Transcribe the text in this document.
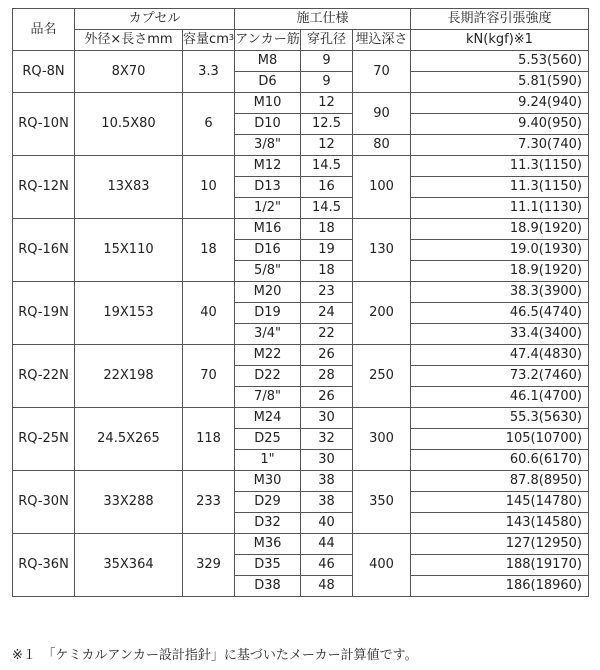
品名	カプセル		施工仕様			長期許容引張強度
	外径×長さmm	容量$cm^3$	アンカー筋	穿孔径	埋込深さ	kN(kgf)※1
RQ-8N	8X70	3.3	M8	9	70	5.53(560)
			D6	9		5.81(590)
RQ-10N	10.5X80	6	M10	12	90	9.24(940)
			D10	12.5		9.40(950)
			3/8"	12	80	7.30(740)
RQ-12N	13X83	10	M12	14.5	100	11.3(1150)
			D13	16		11.3(1150)
			1/2"	14.5		11.1(1130)
RQ-16N	15X110	18	M16	18	130	18.9(1920)
			D16	19		19.0(1930)
			5/8"	18		18.9(1920)
RQ-19N	19X153	40	M20	23	200	38.3(3900)
			D19	24		46.5(4740)
			3/4"	22		33.4(3400)
RQ-22N	22X198	70	M22	26	250	47.4(4830)
			D22	28		73.2(7460)
			7/8"	26		46.1(4700)
RQ-25N	24.5X265	118	M24	30	300	55.3(5630)
			D25	32		105(10700)
			1"	30		60.6(6170)
RQ-30N	33X288	233	M30	38	350	87.8(8950)
			D29	38		145(14780)
			D32	40		143(14580)
RQ-36N	35X364	329	M36	44	400	127(12950)
			D35	46		188(19170)
			D38	48		186(18960)
※１　「ケミカルアンカー設計指針」に基づいたメーカー計算値です。
